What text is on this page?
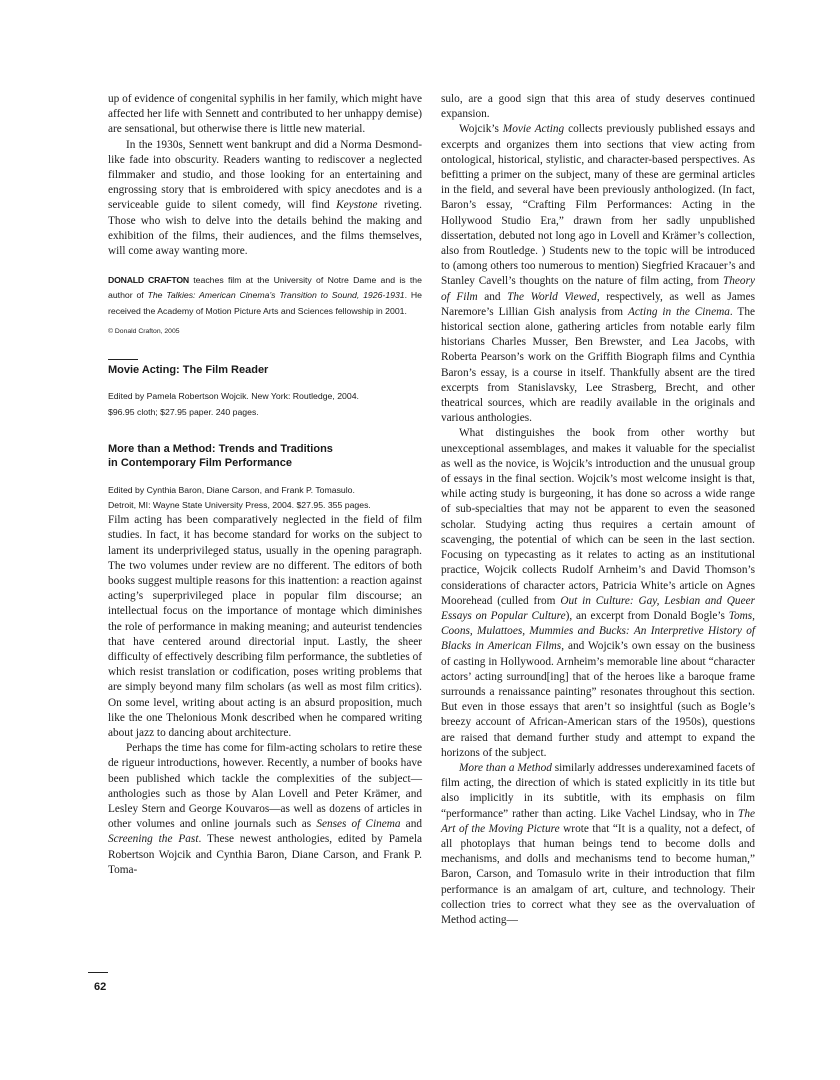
up of evidence of congenital syphilis in her family, which might have affected her life with Sennett and contributed to her unhappy demise) are sensational, but otherwise there is little new material.

In the 1930s, Sennett went bankrupt and did a Norma Desmond-like fade into obscurity. Readers wanting to rediscover a neglected filmmaker and studio, and those looking for an entertaining and engrossing story that is embroidered with spicy anecdotes and is a serviceable guide to silent comedy, will find Keystone riveting. Those who wish to delve into the details behind the making and exhibition of the films, their audiences, and the films themselves, will come away wanting more.

DONALD CRAFTON teaches film at the University of Notre Dame and is the author of The Talkies: American Cinema’s Transition to Sound, 1926-1931. He received the Academy of Motion Picture Arts and Sciences fellowship in 2001.

© Donald Crafton, 2005

Movie Acting: The Film Reader

Edited by Pamela Robertson Wojcik. New York: Routledge, 2004.
$96.95 cloth; $27.95 paper. 240 pages.

More than a Method: Trends and Traditions
in Contemporary Film Performance

Edited by Cynthia Baron, Diane Carson, and Frank P. Tomasulo.
Detroit, MI: Wayne State University Press, 2004. $27.95. 355 pages.

Film acting has been comparatively neglected in the field of film studies. In fact, it has become standard for works on the subject to lament its underprivileged status, usually in the opening paragraph. The two volumes under review are no different. The editors of both books suggest multiple reasons for this inattention: a reaction against acting’s superprivileged place in popular film discourse; an intellectual focus on the importance of montage which diminishes the role of performance in making meaning; and auteurist tendencies that have centered around directorial input. Lastly, the sheer difficulty of effectively describing film performance, the subtleties of which resist translation or codification, poses writing problems that are simply beyond many film scholars (as well as most film critics). On some level, writing about acting is an absurd proposition, much like the one Thelonious Monk described when he compared writing about jazz to dancing about architecture.

Perhaps the time has come for film-acting scholars to retire these de rigueur introductions, however. Recently, a number of books have been published which tackle the complexities of the subject—anthologies such as those by Alan Lovell and Peter Krämer, and Lesley Stern and George Kouvaros—as well as dozens of articles in other volumes and online journals such as Senses of Cinema and Screening the Past. These newest anthologies, edited by Pamela Robertson Wojcik and Cynthia Baron, Diane Carson, and Frank P. Toma-

sulo, are a good sign that this area of study deserves continued expansion.

Wojcik’s Movie Acting collects previously published essays and excerpts and organizes them into sections that view acting from ontological, historical, stylistic, and character-based perspectives. As befitting a primer on the subject, many of these are germinal articles in the field, and several have been previously anthologized. (In fact, Baron’s essay, “Crafting Film Performances: Acting in the Hollywood Studio Era,” drawn from her sadly unpublished dissertation, debuted not long ago in Lovell and Krämer’s collection, also from Routledge. ) Students new to the topic will be introduced to (among others too numerous to mention) Siegfried Kracauer’s and Stanley Cavell’s thoughts on the nature of film acting, from Theory of Film and The World Viewed, respectively, as well as James Naremore’s Lillian Gish analysis from Acting in the Cinema. The historical section alone, gathering articles from notable early film historians Charles Musser, Ben Brewster, and Lea Jacobs, with Roberta Pearson’s work on the Griffith Biograph films and Cynthia Baron’s essay, is a course in itself. Thankfully absent are the tired excerpts from Stanislavsky, Lee Strasberg, Brecht, and other theatrical sources, which are readily available in the originals and various anthologies.

What distinguishes the book from other worthy but unexceptional assemblages, and makes it valuable for the specialist as well as the novice, is Wojcik’s introduction and the unusual group of essays in the final section. Wojcik’s most welcome insight is that, while acting study is burgeoning, it has done so across a wide range of sub-specialties that may not be apparent to even the seasoned scholar. Studying acting thus requires a certain amount of scavenging, the potential of which can be seen in the last section. Focusing on typecasting as it relates to acting as an institutional practice, Wojcik collects Rudolf Arnheim’s and David Thomson’s considerations of character actors, Patricia White’s article on Agnes Moorehead (culled from Out in Culture: Gay, Lesbian and Queer Essays on Popular Culture), an excerpt from Donald Bogle’s Toms, Coons, Mulattoes, Mummies and Bucks: An Interpretive History of Blacks in American Films, and Wojcik’s own essay on the business of casting in Hollywood. Arnheim’s memorable line about “character actors’ acting surround[ing] that of the heroes like a baroque frame surrounds a renaissance painting” resonates throughout this section. But even in those essays that aren’t so insightful (such as Bogle’s breezy account of African-American stars of the 1950s), questions are raised that demand further study and attempt to expand the horizons of the subject.

More than a Method similarly addresses underexamined facets of film acting, the direction of which is stated explicitly in its title but also implicitly in its subtitle, with its emphasis on film “performance” rather than acting. Like Vachel Lindsay, who in The Art of the Moving Picture wrote that “It is a quality, not a defect, of all photoplays that human beings tend to become dolls and mechanisms, and dolls and mechanisms tend to become human,” Baron, Carson, and Tomasulo write in their introduction that film performance is an amalgam of art, culture, and technology. Their collection tries to correct what they see as the overvaluation of Method acting—

62
